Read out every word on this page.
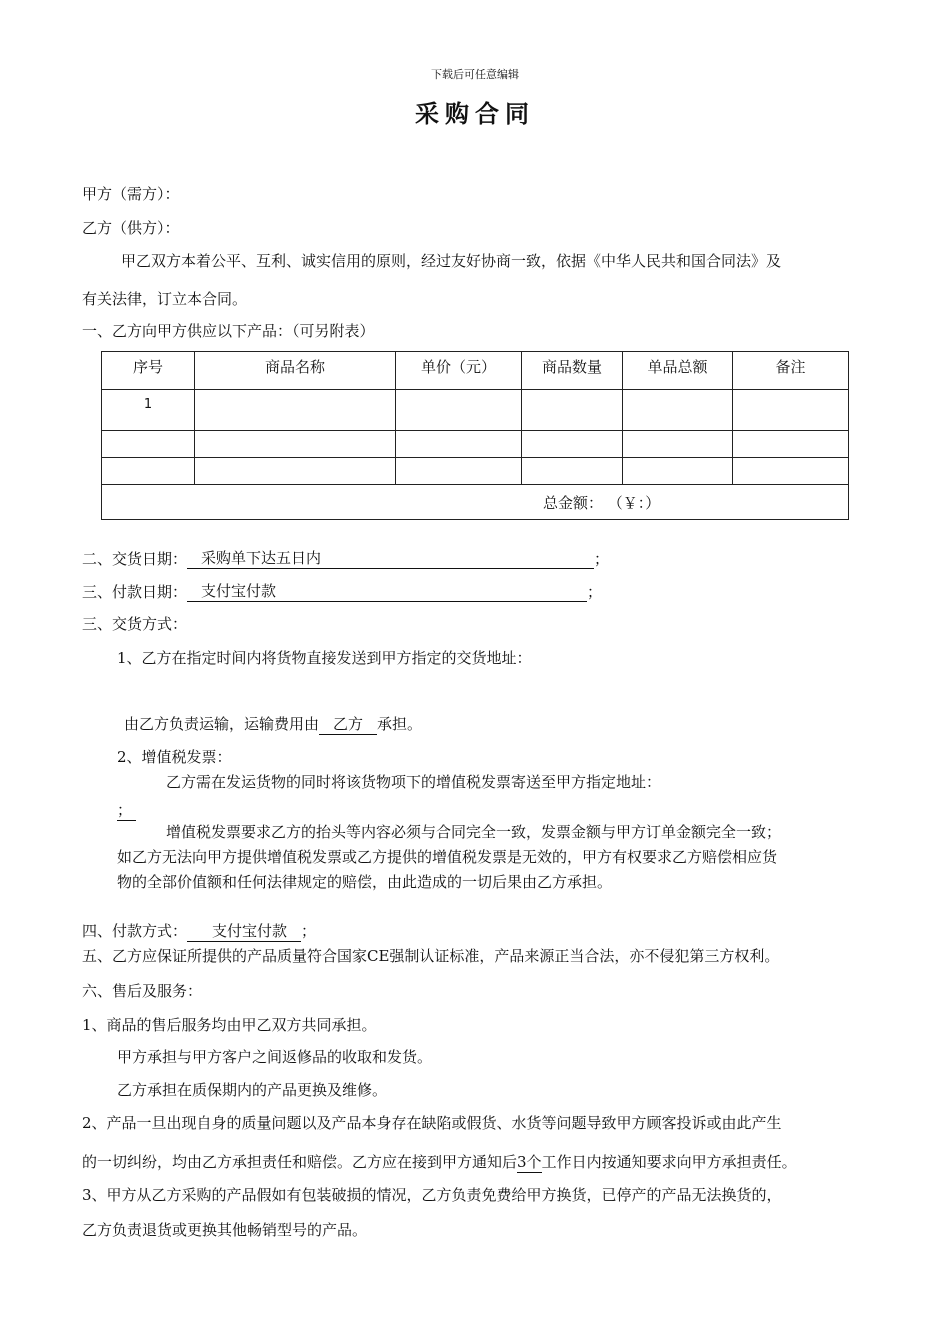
下载后可任意编辑
采购合同
甲方（需方）：
乙方（供方）：
甲乙双方本着公平、互利、诚实信用的原则，经过友好协商一致，依据《中华人民共和国合同法》及
有关法律，订立本合同。
一、乙方向甲方供应以下产品：（可另附表）
序号	商品名称	单价（元）	商品数量	单品总额	备注
1					

总金额： （￥：）					
二、交货日期： 采购单下达五日内	；
三、付款日期： 支付宝付款	；
三、交货方式：
1、乙方在指定时间内将货物直接发送到甲方指定的交货地址：
由乙方负责运输，运输费用由 乙方 承担。
2、增值税发票：
乙方需在发运货物的同时将该货物项下的增值税发票寄送至甲方指定地址：
；
增值税发票要求乙方的抬头等内容必须与合同完全一致，发票金额与甲方订单金额完全一致；
如乙方无法向甲方提供增值税发票或乙方提供的增值税发票是无效的，甲方有权要求乙方赔偿相应货
物的全部价值额和任何法律规定的赔偿，由此造成的一切后果由乙方承担。
四、付款方式： 支付宝付款 ；
五、乙方应保证所提供的产品质量符合国家CE强制认证标准，产品来源正当合法，亦不侵犯第三方权利。
六、售后及服务：
1、商品的售后服务均由甲乙双方共同承担。
甲方承担与甲方客户之间返修品的收取和发货。
乙方承担在质保期内的产品更换及维修。
2、产品一旦出现自身的质量问题以及产品本身存在缺陷或假货、水货等问题导致甲方顾客投诉或由此产生
的一切纠纷，均由乙方承担责任和赔偿。乙方应在接到甲方通知后3个工作日内按通知要求向甲方承担责任。
3、甲方从乙方采购的产品假如有包装破损的情况，乙方负责免费给甲方换货，已停产的产品无法换货的，
乙方负责退货或更换其他畅销型号的产品。
